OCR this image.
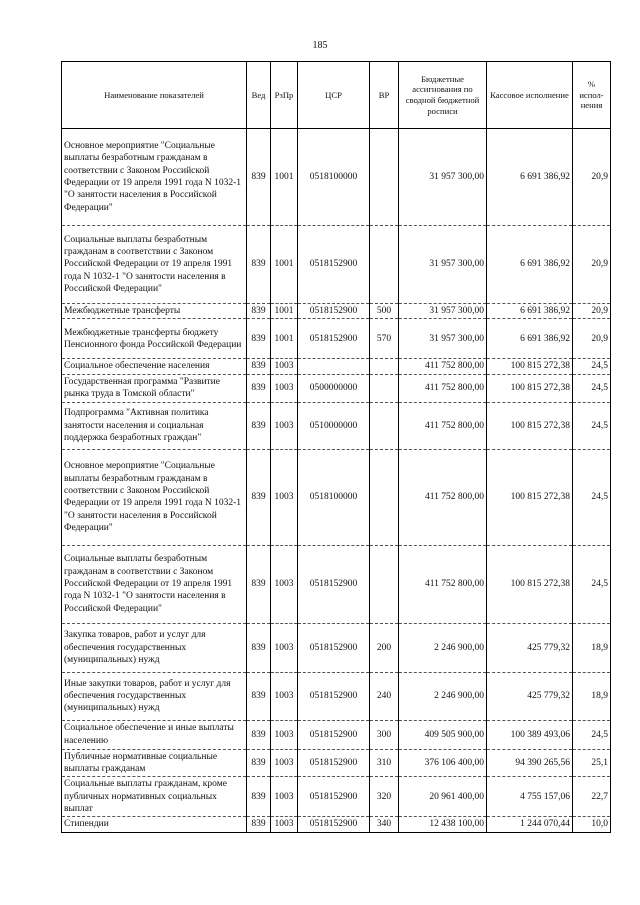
185
Наименование показателей	Вед	РзПр	ЦСР	ВР	Бюджетные ассигнования по сводной бюджетной росписи	Кассовое исполнение	% испол-нения
Основное мероприятие "Социальные выплаты безработным гражданам в соответствии с Законом Российской Федерации от 19 апреля 1991 года N 1032-1 "О занятости населения в Российской Федерации"	839	1001	0518100000		31 957 300,00	6 691 386,92	20,9
Социальные выплаты безработным гражданам в соответствии с Законом Российской Федерации от 19 апреля 1991 года N 1032-1 "О занятости населения в Российской Федерации"	839	1001	0518152900		31 957 300,00	6 691 386,92	20,9
Межбюджетные трансферты	839	1001	0518152900	500	31 957 300,00	6 691 386,92	20,9
Межбюджетные трансферты бюджету Пенсионного фонда Российской Федерации	839	1001	0518152900	570	31 957 300,00	6 691 386,92	20,9
Социальное обеспечение населения	839	1003			411 752 800,00	100 815 272,38	24,5
Государственная программа "Развитие рынка труда в Томской области"	839	1003	0500000000		411 752 800,00	100 815 272,38	24,5
Подпрограмма "Активная политика занятости населения и социальная поддержка безработных граждан"	839	1003	0510000000		411 752 800,00	100 815 272,38	24,5
Основное мероприятие "Социальные выплаты безработным гражданам в соответствии с Законом Российской Федерации от 19 апреля 1991 года N 1032-1 "О занятости населения в Российской Федерации"	839	1003	0518100000		411 752 800,00	100 815 272,38	24,5
Социальные выплаты безработным гражданам в соответствии с Законом Российской Федерации от 19 апреля 1991 года N 1032-1 "О занятости населения в Российской Федерации"	839	1003	0518152900		411 752 800,00	100 815 272,38	24,5
Закупка товаров, работ и услуг для обеспечения государственных (муниципальных) нужд	839	1003	0518152900	200	2 246 900,00	425 779,32	18,9
Иные закупки товаров, работ и услуг для обеспечения государственных (муниципальных) нужд	839	1003	0518152900	240	2 246 900,00	425 779,32	18,9
Социальное обеспечение и иные выплаты населению	839	1003	0518152900	300	409 505 900,00	100 389 493,06	24,5
Публичные нормативные социальные выплаты гражданам	839	1003	0518152900	310	376 106 400,00	94 390 265,56	25,1
Социальные выплаты гражданам, кроме публичных нормативных социальных выплат	839	1003	0518152900	320	20 961 400,00	4 755 157,06	22,7
Стипендии	839	1003	0518152900	340	12 438 100,00	1 244 070,44	10,0
